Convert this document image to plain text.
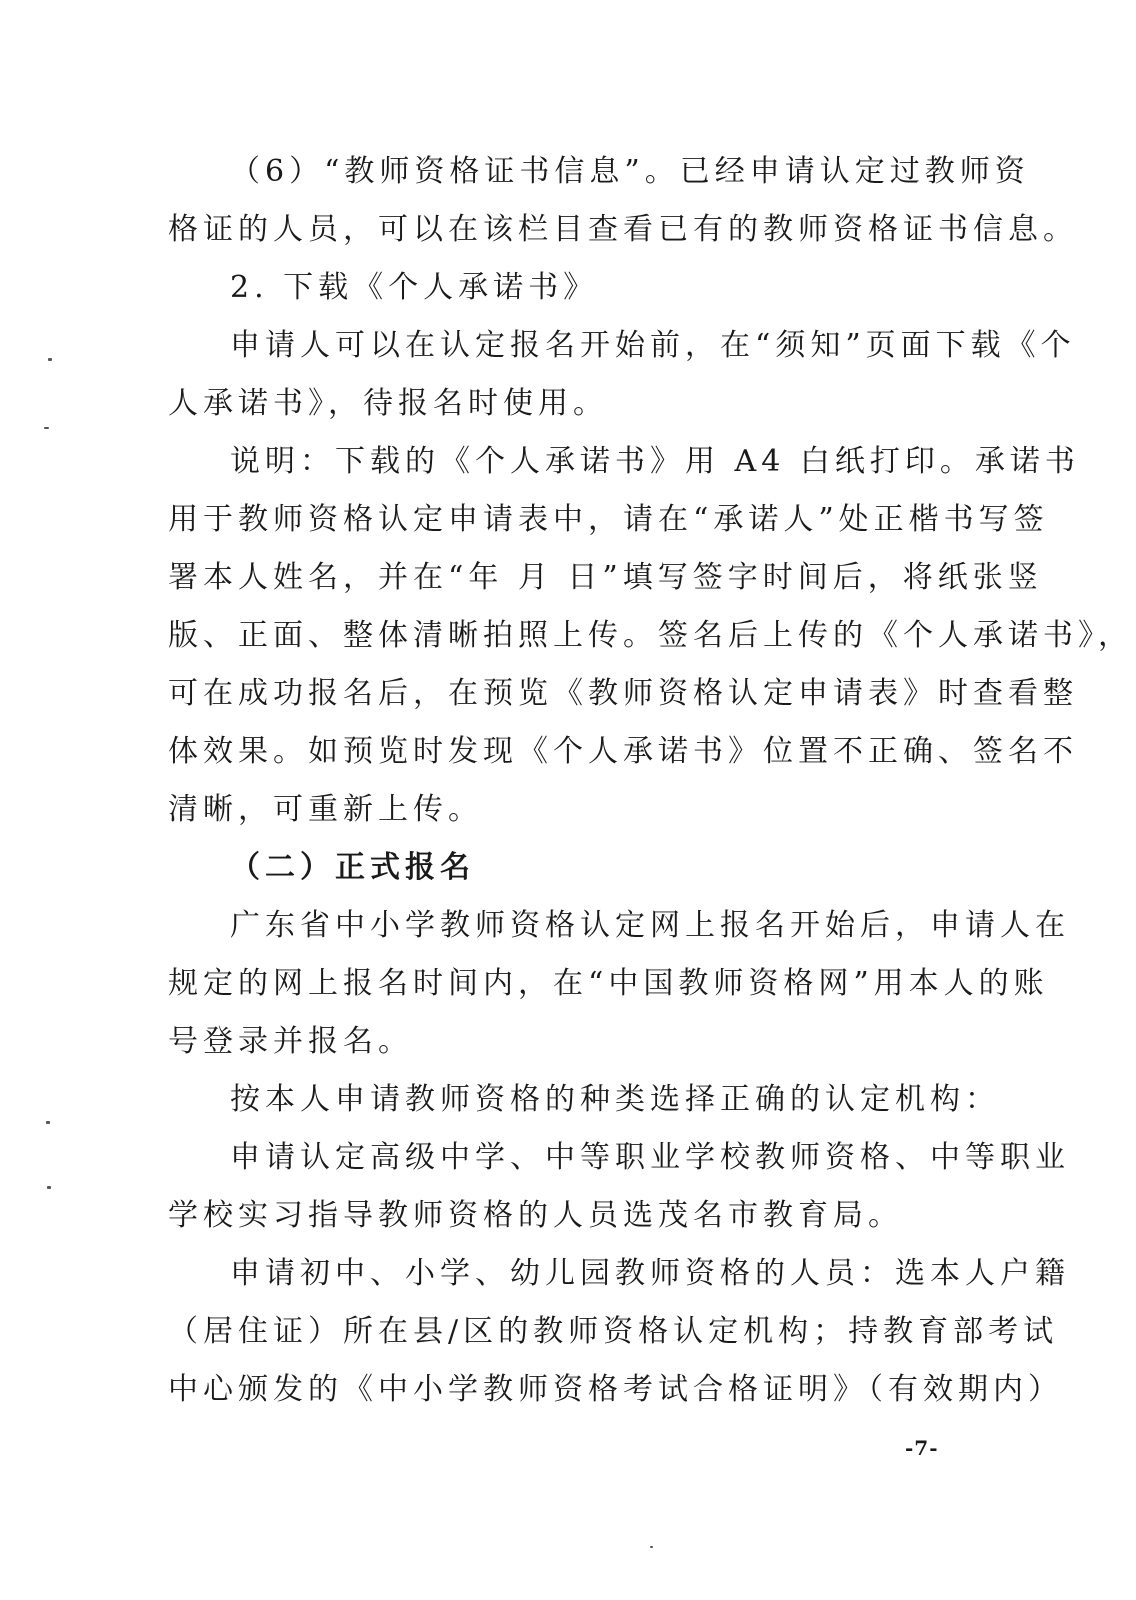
（6）“教师资格证书信息”。已经申请认定过教师资
格证的人员，可以在该栏目查看已有的教师资格证书信息。
2. 下载《个人承诺书》
申请人可以在认定报名开始前，在“须知”页面下载《个
人承诺书》，待报名时使用。
说明：下载的《个人承诺书》用 A4 白纸打印。承诺书
用于教师资格认定申请表中，请在“承诺人”处正楷书写签
署本人姓名，并在“年 月 日”填写签字时间后，将纸张竖
版、正面、整体清晰拍照上传。签名后上传的《个人承诺书》，
可在成功报名后，在预览《教师资格认定申请表》时查看整
体效果。如预览时发现《个人承诺书》位置不正确、签名不
清晰，可重新上传。
（二）正式报名
广东省中小学教师资格认定网上报名开始后，申请人在
规定的网上报名时间内，在“中国教师资格网”用本人的账
号登录并报名。
按本人申请教师资格的种类选择正确的认定机构：
申请认定高级中学、中等职业学校教师资格、中等职业
学校实习指导教师资格的人员选茂名市教育局。
申请初中、小学、幼儿园教师资格的人员：选本人户籍
（居住证）所在县/区的教师资格认定机构；持教育部考试
中心颁发的《中小学教师资格考试合格证明》（有效期内）
-7-
